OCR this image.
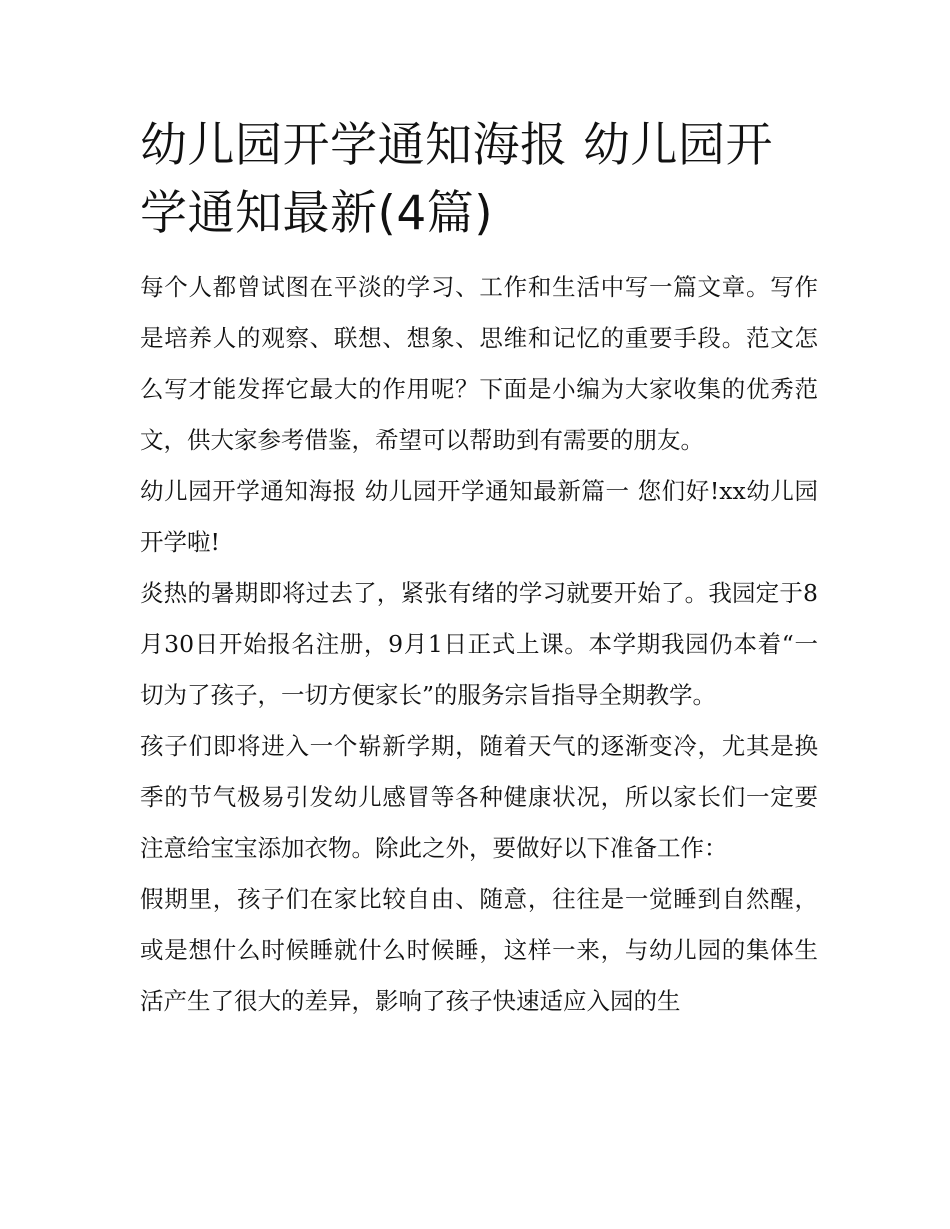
幼儿园开学通知海报 幼儿园开学通知最新(4篇)

每个人都曾试图在平淡的学习、工作和生活中写一篇文章。写作是培养人的观察、联想、想象、思维和记忆的重要手段。范文怎么写才能发挥它最大的作用呢？下面是小编为大家收集的优秀范文，供大家参考借鉴，希望可以帮助到有需要的朋友。

幼儿园开学通知海报 幼儿园开学通知最新篇一 您们好!xx幼儿园开学啦!

炎热的暑期即将过去了，紧张有绪的学习就要开始了。我园定于8月30日开始报名注册，9月1日正式上课。本学期我园仍本着“一切为了孩子，一切方便家长”的服务宗旨指导全期教学。

孩子们即将进入一个崭新学期，随着天气的逐渐变冷，尤其是换季的节气极易引发幼儿感冒等各种健康状况，所以家长们一定要注意给宝宝添加衣物。除此之外，要做好以下准备工作：

假期里，孩子们在家比较自由、随意，往往是一觉睡到自然醒，或是想什么时候睡就什么时候睡，这样一来，与幼儿园的集体生活产生了很大的差异，影响了孩子快速适应入园的生
